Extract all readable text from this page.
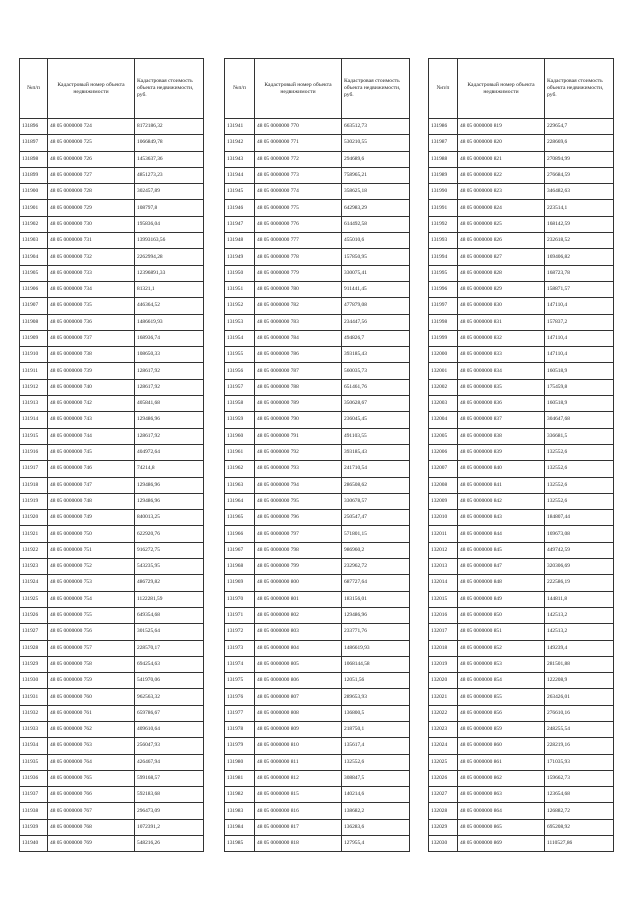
№п/п	Кадастровый номер объекта недвижимости	Кадастровая стоимость объекта недвижимости, руб.
131896	48 05 0000000 724	8172186,32
131897	48 05 0000000 725	1066849,78
131898	48 05 0000000 726	1453637,36
131899	48 05 0000000 727	4851273,23
131900	48 05 0000000 728	302457,89
131901	48 05 0000000 729	108797,8
131902	48 05 0000000 730	195836,04
131903	48 05 0000000 731	13993163,56
131904	48 05 0000000 732	2262994,28
131905	48 05 0000000 733	12396891,33
131906	48 05 0000000 734	81321,1
131907	48 05 0000000 735	446364,52
131908	48 05 0000000 736	1486619,93
131909	48 05 0000000 737	168936,74
131910	48 05 0000000 738	108650,33
131911	48 05 0000000 739	128617,92
131912	48 05 0000000 740	128617,92
131913	48 05 0000000 742	405841,68
131914	48 05 0000000 743	129486,96
131915	48 05 0000000 744	128617,92
131916	48 05 0000000 745	404972,64
131917	48 05 0000000 746	74214,8
131918	48 05 0000000 747	129486,96
131919	48 05 0000000 748	129486,96
131920	48 05 0000000 749	840013,25
131921	48 05 0000000 750	622920,76
131922	48 05 0000000 751	916272,75
131923	48 05 0000000 752	543235,95
131924	48 05 0000000 753	486729,82
131925	48 05 0000000 754	1122281,59
131926	48 05 0000000 755	649354,68
131927	48 05 0000000 756	301525,64
131928	48 05 0000000 757	228570,17
131929	48 05 0000000 758	694254,63
131930	48 05 0000000 759	541970,06
131931	48 05 0000000 760	962563,32
131932	48 05 0000000 761	659786,67
131933	48 05 0000000 762	409610,64
131934	48 05 0000000 763	256047,93
131935	48 05 0000000 764	426467,94
131936	48 05 0000000 765	599168,57
131937	48 05 0000000 766	592183,68
131938	48 05 0000000 767	296473,09
131939	48 05 0000000 768	1072391,2
131940	48 05 0000000 769	548216,26
№п/п	Кадастровый номер объекта недвижимости	Кадастровая стоимость объекта недвижимости, руб.
131941	48 05 0000000 770	663512,73
131942	48 05 0000000 771	530210,55
131943	48 05 0000000 772	294689,6
131944	48 05 0000000 773	758965,21
131945	48 05 0000000 774	358625,18
131946	48 05 0000000 775	642983,29
131947	48 05 0000000 776	614492,58
131948	48 05 0000000 777	455010,6
131949	48 05 0000000 778	157850,95
131950	48 05 0000000 779	330075,41
131951	48 05 0000000 780	911441,45
131952	48 05 0000000 782	477879,08
131953	48 05 0000000 783	234447,56
131954	48 05 0000000 784	494826,7
131955	48 05 0000000 786	393185,43
131956	48 05 0000000 787	560035,73
131957	48 05 0000000 788	651461,76
131958	48 05 0000000 789	350628,67
131959	48 05 0000000 790	236045,45
131960	48 05 0000000 791	491103,55
131961	48 05 0000000 792	393185,43
131962	48 05 0000000 793	241710,54
131963	48 05 0000000 794	286508,62
131964	48 05 0000000 795	330678,57
131965	48 05 0000000 796	250547,47
131966	48 05 0000000 797	571801,15
131967	48 05 0000000 798	986960,2
131968	48 05 0000000 799	232962,72
131969	48 05 0000000 800	687727,64
131970	48 05 0000000 801	183156,01
131971	48 05 0000000 802	129486,96
131972	48 05 0000000 803	233771,76
131973	48 05 0000000 804	1486619,93
131974	48 05 0000000 805	1068144,58
131975	48 05 0000000 806	12051,56
131976	48 05 0000000 807	289653,93
131977	48 05 0000000 808	136800,5
131978	48 05 0000000 809	218750,1
131979	48 05 0000000 810	135617,4
131980	48 05 0000000 811	132552,6
131981	48 05 0000000 812	308847,5
131982	48 05 0000000 815	140214,6
131983	48 05 0000000 816	138682,2
131984	48 05 0000000 817	136283,6
131985	48 05 0000000 818	127955,4
№п/п	Кадастровый номер объекта недвижимости	Кадастровая стоимость объекта недвижимости, руб.
131986	48 05 0000000 819	229654,7
131987	48 05 0000000 820	228669,6
131988	48 05 0000000 821	270894,99
131989	48 05 0000000 822	276684,59
131990	48 05 0000000 823	346482,63
131991	48 05 0000000 824	223514,1
131992	48 05 0000000 825	168142,59
131993	48 05 0000000 826	232618,52
131994	48 05 0000000 827	169406,82
131995	48 05 0000000 828	168723,78
131996	48 05 0000000 829	158871,57
131997	48 05 0000000 830	147110,4
131998	48 05 0000000 831	157837,2
131999	48 05 0000000 832	147110,4
132000	48 05 0000000 833	147110,4
132001	48 05 0000000 834	160518,9
132002	48 05 0000000 835	175459,8
132003	48 05 0000000 836	160518,9
132004	48 05 0000000 837	304647,68
132005	48 05 0000000 838	336681,5
132006	48 05 0000000 839	132552,6
132007	48 05 0000000 840	132552,6
132008	48 05 0000000 841	132552,6
132009	48 05 0000000 842	132552,6
132010	48 05 0000000 843	184807,44
132011	48 05 0000000 844	169673,08
132012	48 05 0000000 845	449742,59
132013	48 05 0000000 847	320306,69
132014	48 05 0000000 848	222586,19
132015	48 05 0000000 849	144811,8
132016	48 05 0000000 850	142513,2
132017	48 05 0000000 851	142513,2
132018	48 05 0000000 852	149239,4
132019	48 05 0000000 853	281501,88
132020	48 05 0000000 854	122208,9
132021	48 05 0000000 855	263426,01
132022	48 05 0000000 856	276610,16
132023	48 05 0000000 859	248255,54
132024	48 05 0000000 860	228219,16
132025	48 05 0000000 861	171035,93
132026	48 05 0000000 862	159662,73
132027	48 05 0000000 863	123654,68
132028	48 05 0000000 864	126882,72
132029	48 05 0000000 865	695208,92
132030	48 05 0000000 869	1110527,86
